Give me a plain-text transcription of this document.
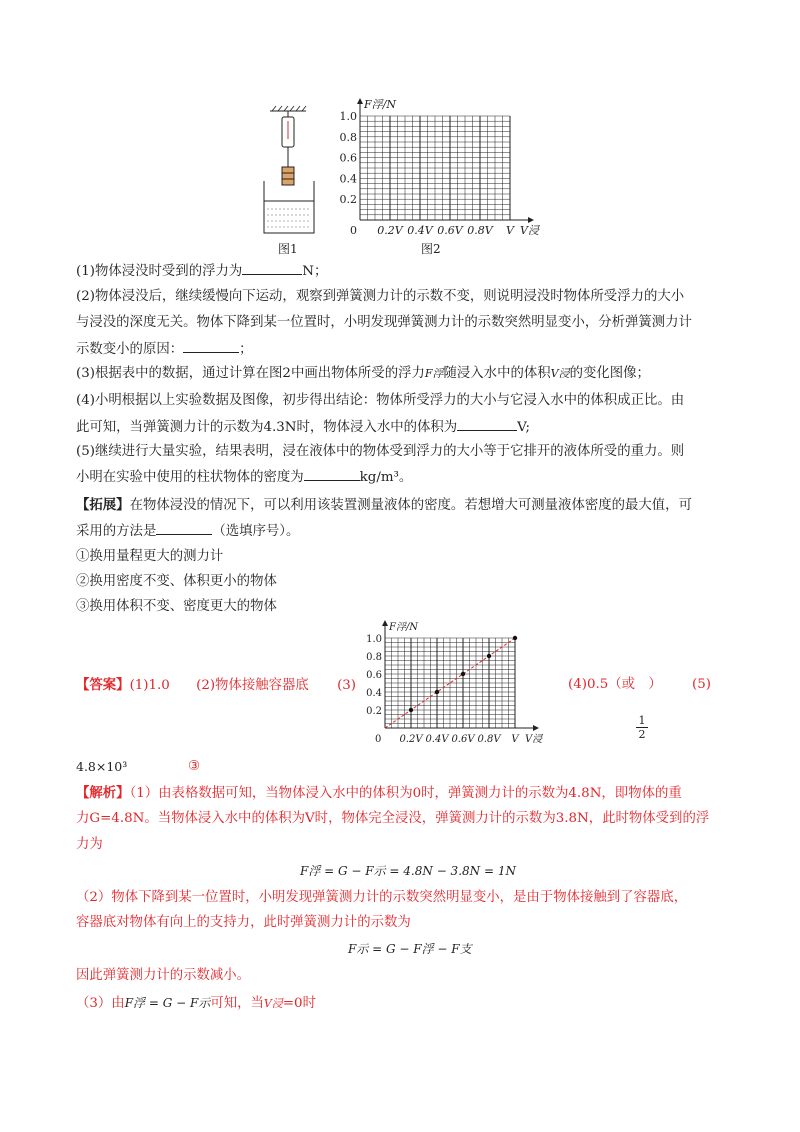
图1
1.0
0.8
0.6
0.4
0.2
F浮/N
0 0.2V 0.4V 0.6V 0.8V V V浸
图2
(1)物体浸没时受到的浮力为	N；
(2)物体浸没后，继续缓慢向下运动，观察到弹簧测力计的示数不变，则说明浸没时物体所受浮力的大小
与浸没的深度无关。物体下降到某一位置时，小明发现弹簧测力计的示数突然明显变小，分析弹簧测力计
示数变小的原因：	；
(3)根据表中的数据，通过计算在图2中画出物体所受的浮力F浮随浸入水中的体积V浸的变化图像；
(4)小明根据以上实验数据及图像，初步得出结论：物体所受浮力的大小与它浸入水中的体积成正比。由
此可知，当弹簧测力计的示数为4.3N时，物体浸入水中的体积为	V;
(5)继续进行大量实验，结果表明，浸在液体中的物体受到浮力的大小等于它排开的液体所受的重力。则
小明在实验中使用的柱状物体的密度为	kg/m³。
【拓展】在物体浸没的情况下，可以利用该装置测量液体的密度。若想增大可测量液体密度的最大值，可
采用的方法是	（选填序号）。
①换用量程更大的测力计
②换用密度不变、体积更小的物体
③换用体积不变、密度更大的物体
【答案】(1)1.0 (2)物体接触容器底 (3)
1.0
0.8
0.6
0.4
0.2
F浮/N
0 0.2V 0.4V 0.6V 0.8V V V浸
(4)0.5（或　） (5)
1
2
4.8×10³	③
【解析】（1）由表格数据可知，当物体浸入水中的体积为0时，弹簧测力计的示数为4.8N，即物体的重
力G=4.8N。当物体浸入水中的体积为V时，物体完全浸没，弹簧测力计的示数为3.8N，此时物体受到的浮
力为
F浮 = G − F示 = 4.8N − 3.8N = 1N
（2）物体下降到某一位置时，小明发现弹簧测力计的示数突然明显变小，是由于物体接触到了容器底，
容器底对物体有向上的支持力，此时弹簧测力计的示数为
F示 = G − F浮 − F支
因此弹簧测力计的示数减小。
（3）由F浮 = G − F示可知，当V浸=0时
